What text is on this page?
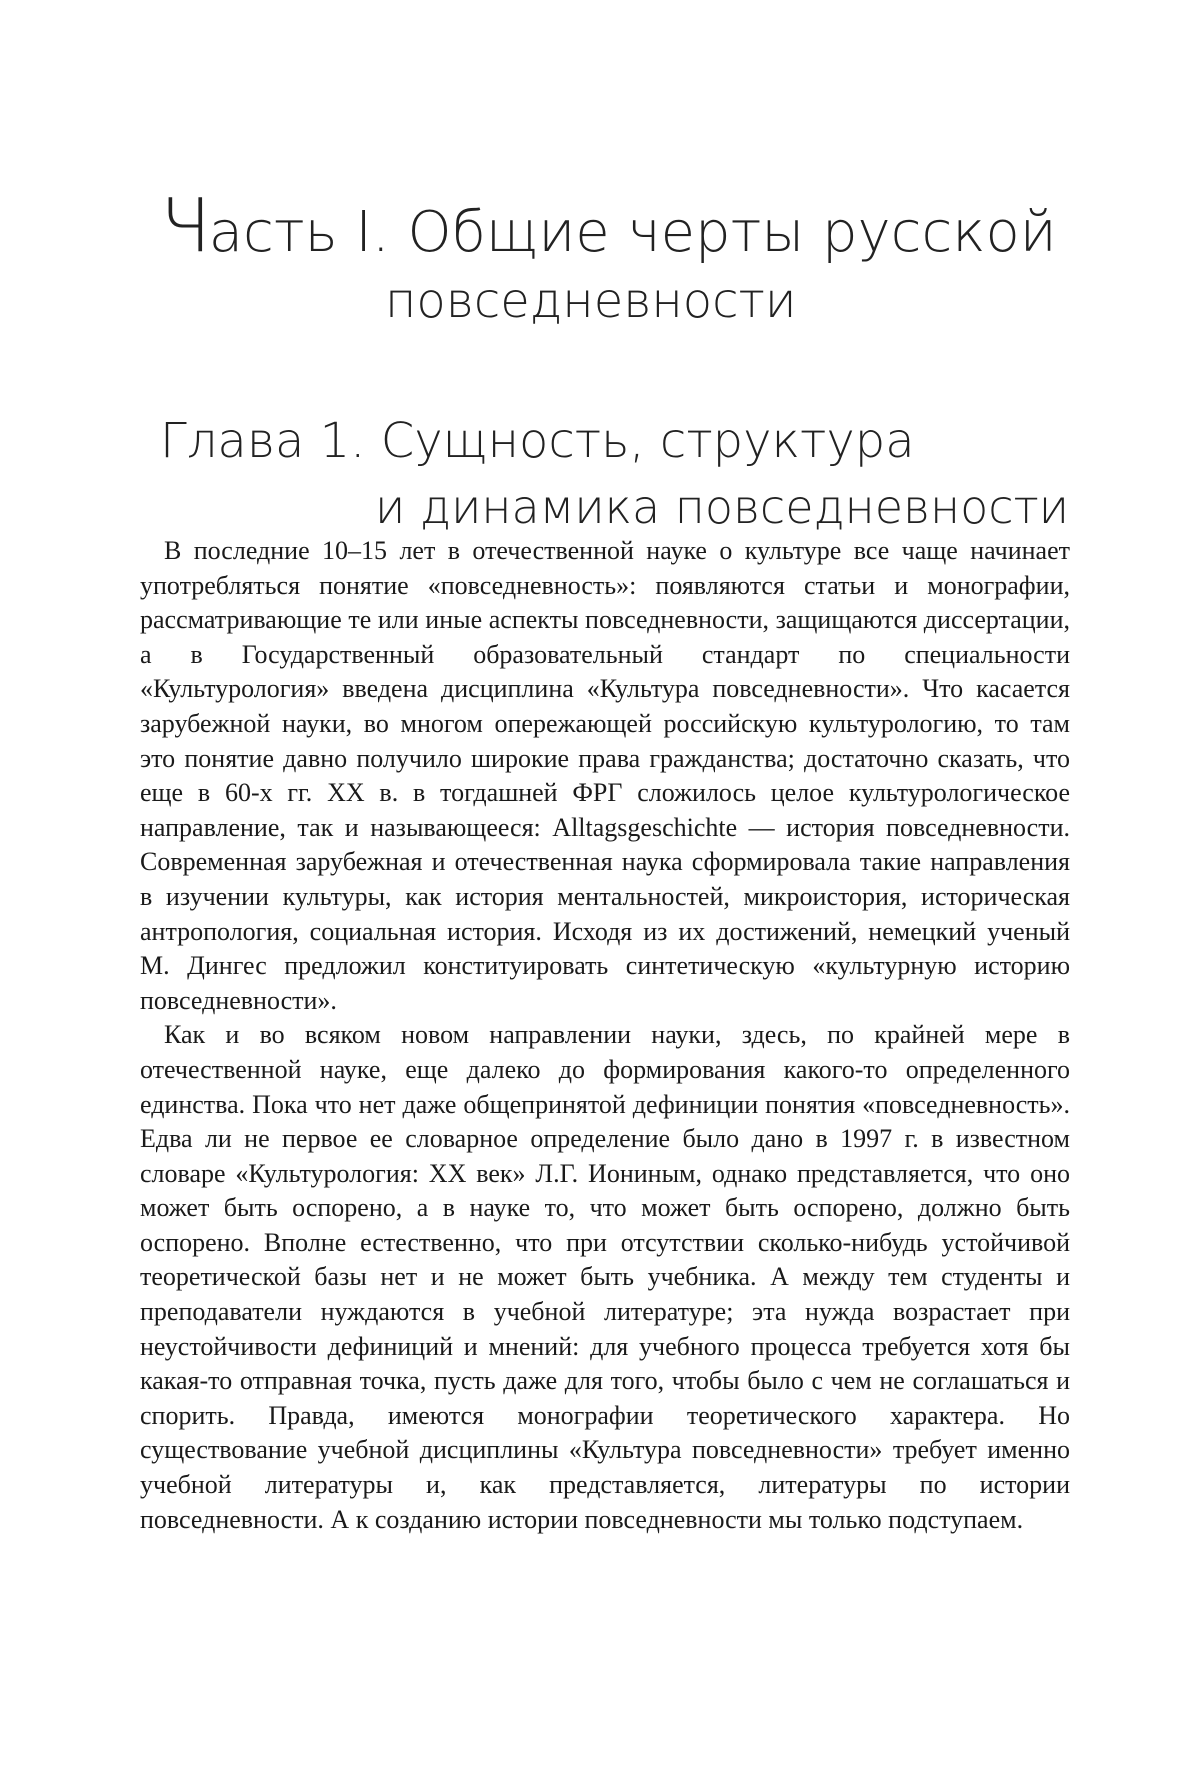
Часть I. Общие черты русской
повседневности
Глава 1. Сущность, структура
и динамика повседневности

В последние 10–15 лет в отечественной науке о культуре все чаще начинает употребляться понятие «повседневность»: появляются статьи и монографии, рассматривающие те или иные аспекты повседневности, защищаются диссертации, а в Государственный образовательный стандарт по специальности «Культурология» введена дисциплина «Культура повседневности». Что касается зарубежной науки, во многом опережающей российскую культурологию, то там это понятие давно получило широкие права гражданства; достаточно сказать, что еще в 60-х гг. XX в. в тогдашней ФРГ сложилось целое культурологическое направление, так и называющееся: Alltagsgeschichte — история повседневности. Современная зарубежная и отечественная наука сформировала такие направления в изучении культуры, как история ментальностей, микроистория, историческая антропология, социальная история. Исходя из их достижений, немецкий ученый М. Дингес предложил конституировать синтетическую «культурную историю повседневности».

Как и во всяком новом направлении науки, здесь, по крайней мере в отечественной науке, еще далеко до формирования какого-то определенного единства. Пока что нет даже общепринятой дефиниции понятия «повседневность». Едва ли не первое ее словарное определение было дано в 1997 г. в известном словаре «Культурология: XX век» Л.Г. Иониным, однако представляется, что оно может быть оспорено, а в науке то, что может быть оспорено, должно быть оспорено. Вполне естественно, что при отсутствии сколько-нибудь устойчивой теоретической базы нет и не может быть учебника. А между тем студенты и преподаватели нуждаются в учебной литературе; эта нужда возрастает при неустойчивости дефиниций и мнений: для учебного процесса требуется хотя бы какая-то отправная точка, пусть даже для того, чтобы было с чем не соглашаться и спорить. Правда, имеются монографии теоретического характера. Но существование учебной дисциплины «Культура повседневности» требует именно учебной литературы и, как представляется, литературы по истории повседневности. А к созданию истории повседневности мы только подступаем.
